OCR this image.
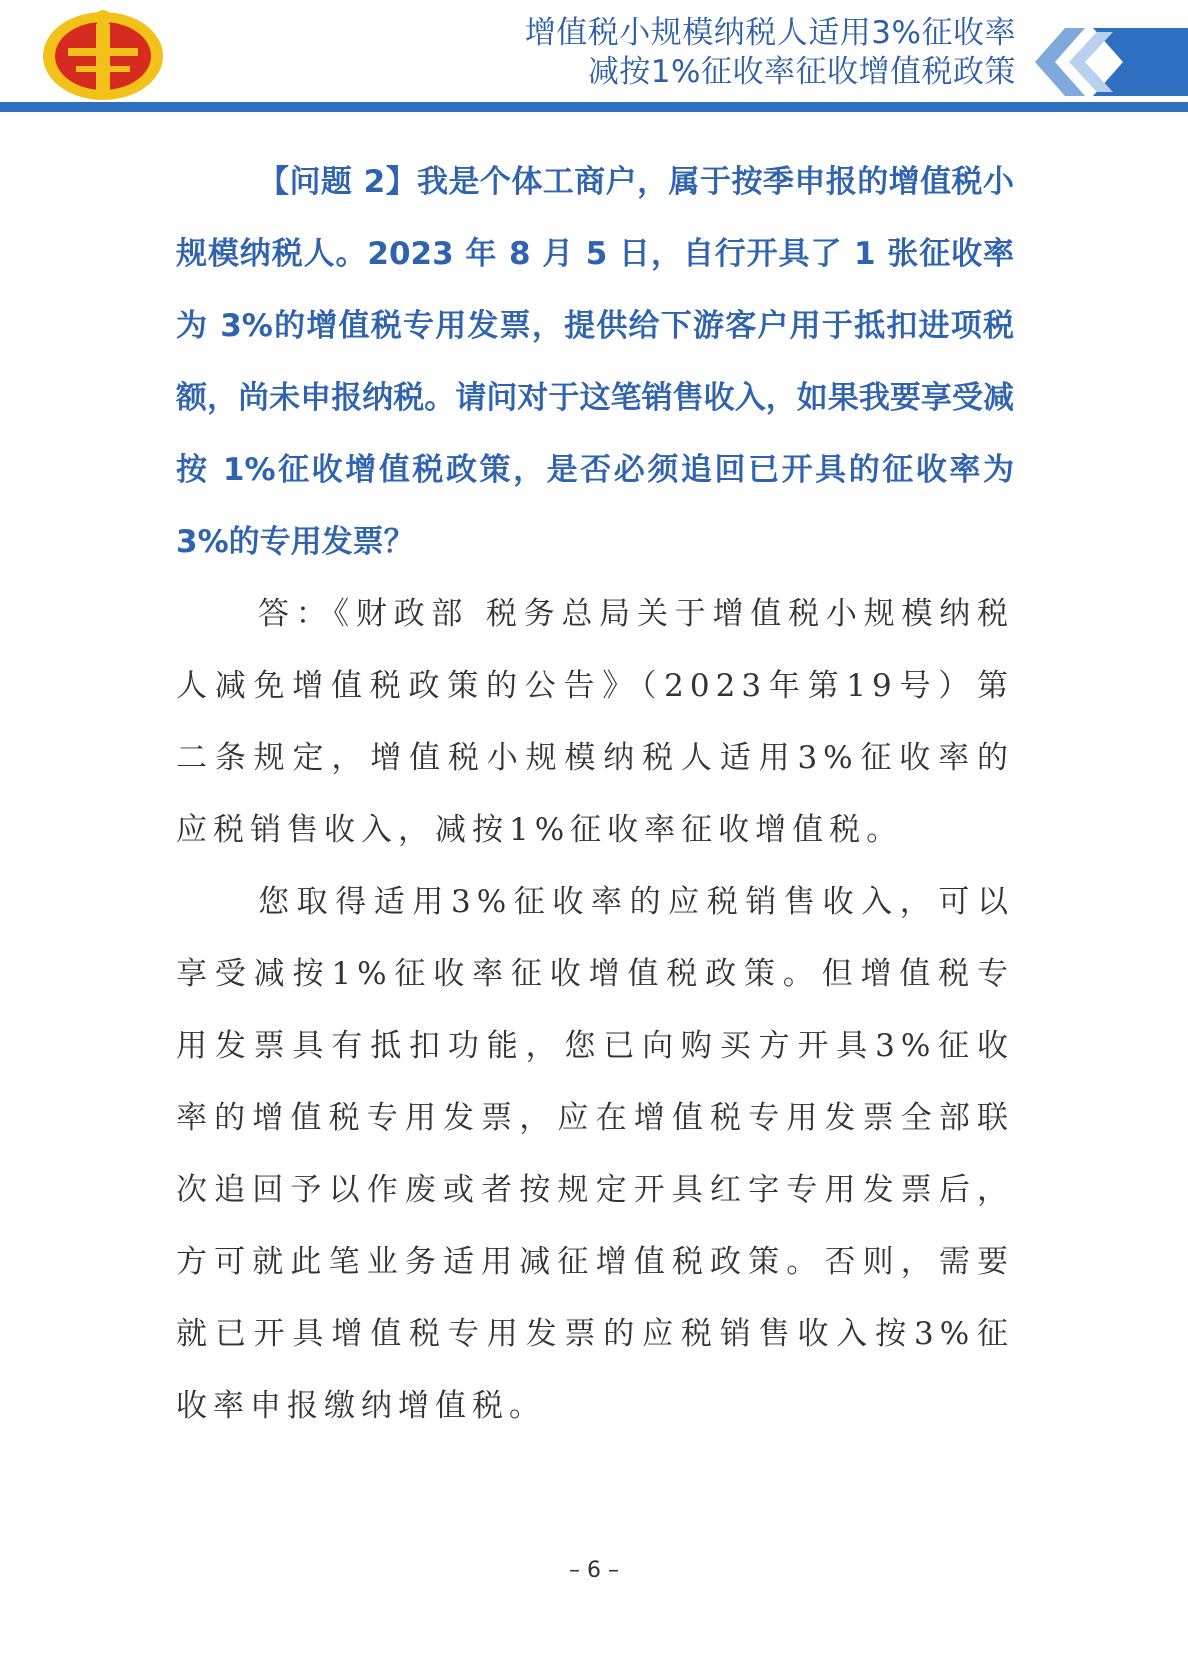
增值税小规模纳税人适用3%征收率
减按1%征收率征收增值税政策

【问题 2】我是个体工商户，属于按季申报的增值税小规模纳税人。2023 年 8 月 5 日，自行开具了 1 张征收率为 3%的增值税专用发票，提供给下游客户用于抵扣进项税额，尚未申报纳税。请问对于这笔销售收入，如果我要享受减按 1%征收增值税政策，是否必须追回已开具的征收率为 3%的专用发票？

答：《财政部 税务总局关于增值税小规模纳税人减免增值税政策的公告》（2023年第19号）第二条规定，增值税小规模纳税人适用3%征收率的应税销售收入，减按1%征收率征收增值税。

您取得适用3%征收率的应税销售收入，可以享受减按1%征收率征收增值税政策。但增值税专用发票具有抵扣功能，您已向购买方开具3%征收率的增值税专用发票，应在增值税专用发票全部联次追回予以作废或者按规定开具红字专用发票后，方可就此笔业务适用减征增值税政策。否则，需要就已开具增值税专用发票的应税销售收入按3%征收率申报缴纳增值税。

– 6 –
